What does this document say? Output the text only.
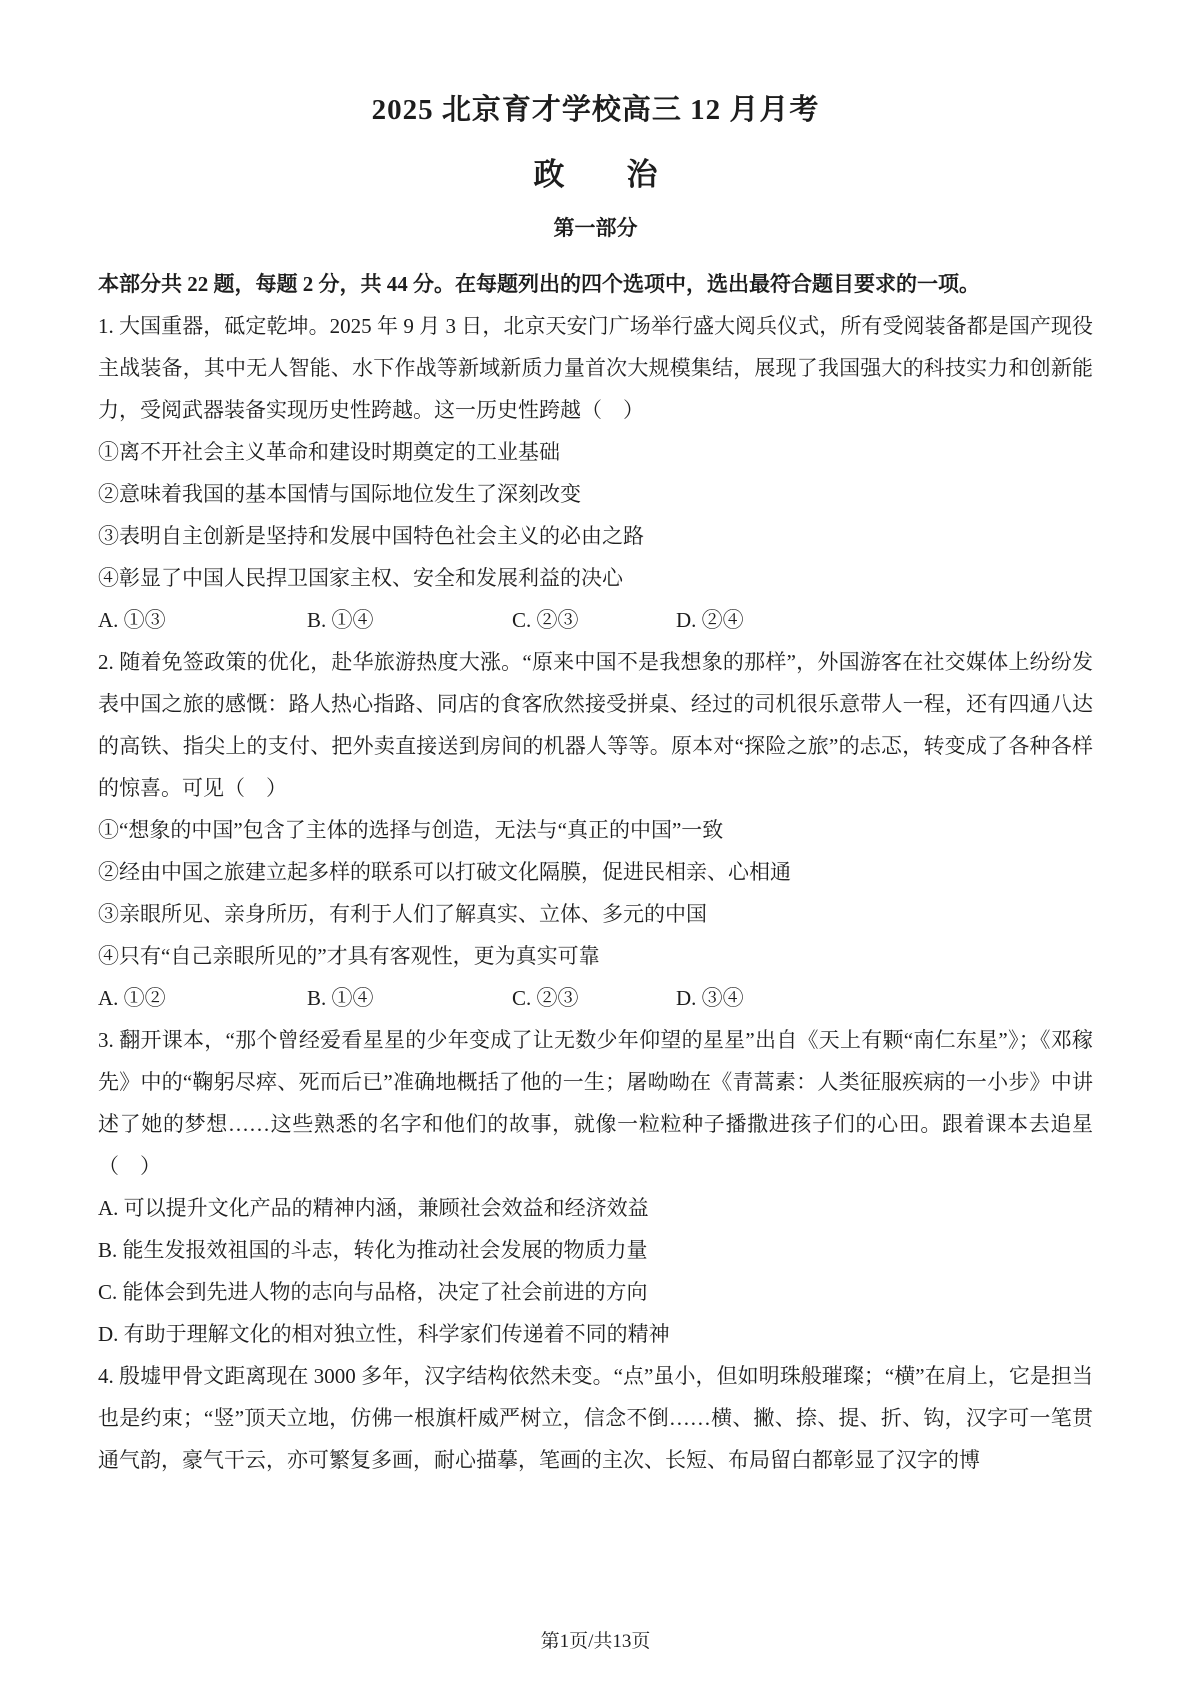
2025 北京育才学校高三 12 月月考
政　　治
第一部分

本部分共 22 题，每题 2 分，共 44 分。在每题列出的四个选项中，选出最符合题目要求的一项。

1. 大国重器，砥定乾坤。2025 年 9 月 3 日，北京天安门广场举行盛大阅兵仪式，所有受阅装备都是国产现役主战装备，其中无人智能、水下作战等新域新质力量首次大规模集结，展现了我国强大的科技实力和创新能力，受阅武器装备实现历史性跨越。这一历史性跨越（　）

①离不开社会主义革命和建设时期奠定的工业基础

②意味着我国的基本国情与国际地位发生了深刻改变

③表明自主创新是坚持和发展中国特色社会主义的必由之路

④彰显了中国人民捍卫国家主权、安全和发展利益的决心

A. ①③	B. ①④	C. ②③	D. ②④

2. 随着免签政策的优化，赴华旅游热度大涨。“原来中国不是我想象的那样”，外国游客在社交媒体上纷纷发表中国之旅的感慨：路人热心指路、同店的食客欣然接受拼桌、经过的司机很乐意带人一程，还有四通八达的高铁、指尖上的支付、把外卖直接送到房间的机器人等等。原本对“探险之旅”的忐忑，转变成了各种各样的惊喜。可见（　）

①“想象的中国”包含了主体的选择与创造，无法与“真正的中国”一致

②经由中国之旅建立起多样的联系可以打破文化隔膜，促进民相亲、心相通

③亲眼所见、亲身所历，有利于人们了解真实、立体、多元的中国

④只有“自己亲眼所见的”才具有客观性，更为真实可靠

A. ①②	B. ①④	C. ②③	D. ③④

3. 翻开课本，“那个曾经爱看星星的少年变成了让无数少年仰望的星星”出自《天上有颗“南仁东星”》；《邓稼先》中的“鞠躬尽瘁、死而后已”准确地概括了他的一生；屠呦呦在《青蒿素：人类征服疾病的一小步》中讲述了她的梦想……这些熟悉的名字和他们的故事，就像一粒粒种子播撒进孩子们的心田。跟着课本去追星（　）

A. 可以提升文化产品的精神内涵，兼顾社会效益和经济效益

B. 能生发报效祖国的斗志，转化为推动社会发展的物质力量

C. 能体会到先进人物的志向与品格，决定了社会前进的方向

D. 有助于理解文化的相对独立性，科学家们传递着不同的精神

4. 殷墟甲骨文距离现在 3000 多年，汉字结构依然未变。“点”虽小，但如明珠般璀璨；“横”在肩上，它是担当也是约束；“竖”顶天立地，仿佛一根旗杆威严树立，信念不倒……横、撇、捺、提、折、钩，汉字可一笔贯通气韵，豪气干云，亦可繁复多画，耐心描摹，笔画的主次、长短、布局留白都彰显了汉字的博

第1页/共13页
